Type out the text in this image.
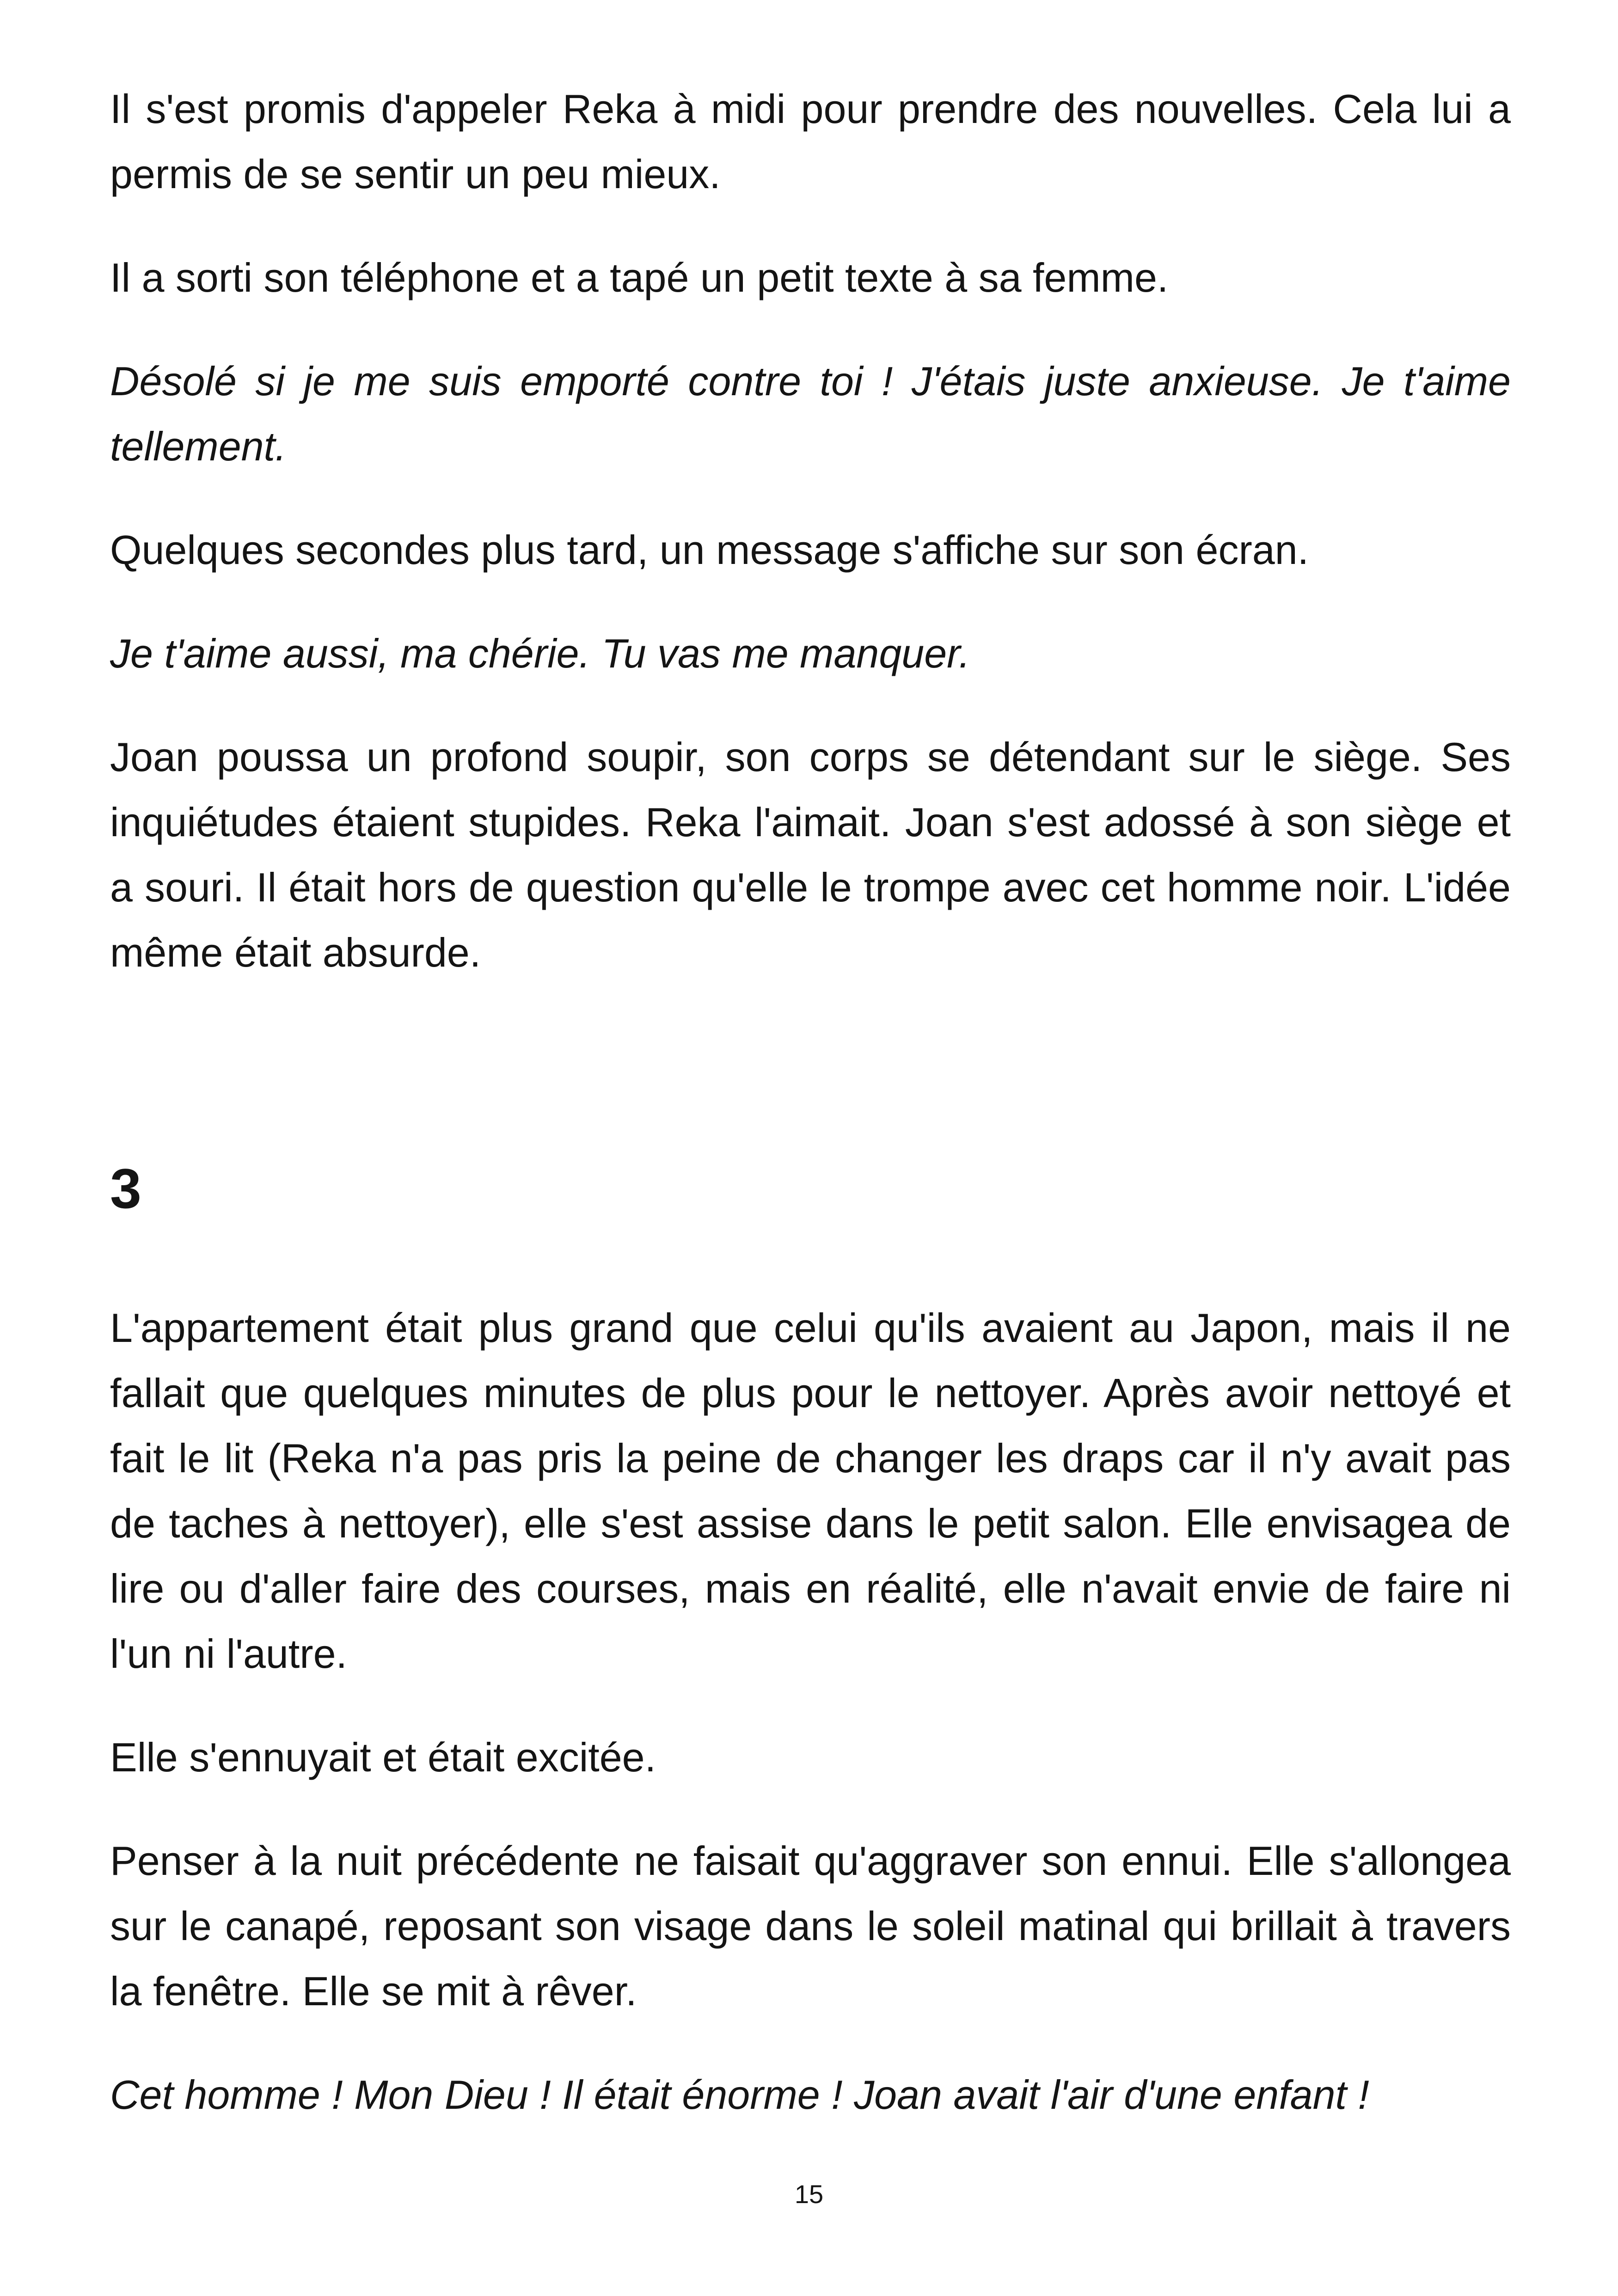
Il s'est promis d'appeler Reka à midi pour prendre des nouvelles. Cela lui a permis de se sentir un peu mieux.

Il a sorti son téléphone et a tapé un petit texte à sa femme.

Désolé si je me suis emporté contre toi ! J'étais juste anxieuse. Je t'aime tellement.

Quelques secondes plus tard, un message s'affiche sur son écran.

Je t'aime aussi, ma chérie. Tu vas me manquer.

Joan poussa un profond soupir, son corps se détendant sur le siège. Ses inquiétudes étaient stupides. Reka l'aimait. Joan s'est adossé à son siège et a souri. Il était hors de question qu'elle le trompe avec cet homme noir. L'idée même était absurde.

3

L'appartement était plus grand que celui qu'ils avaient au Japon, mais il ne fallait que quelques minutes de plus pour le nettoyer. Après avoir nettoyé et fait le lit (Reka n'a pas pris la peine de changer les draps car il n'y avait pas de taches à nettoyer), elle s'est assise dans le petit salon. Elle envisagea de lire ou d'aller faire des courses, mais en réalité, elle n'avait envie de faire ni l'un ni l'autre.

Elle s'ennuyait et était excitée.

Penser à la nuit précédente ne faisait qu'aggraver son ennui. Elle s'allongea sur le canapé, reposant son visage dans le soleil matinal qui brillait à travers la fenêtre. Elle se mit à rêver.

Cet homme ! Mon Dieu ! Il était énorme ! Joan avait l'air d'une enfant !

15
